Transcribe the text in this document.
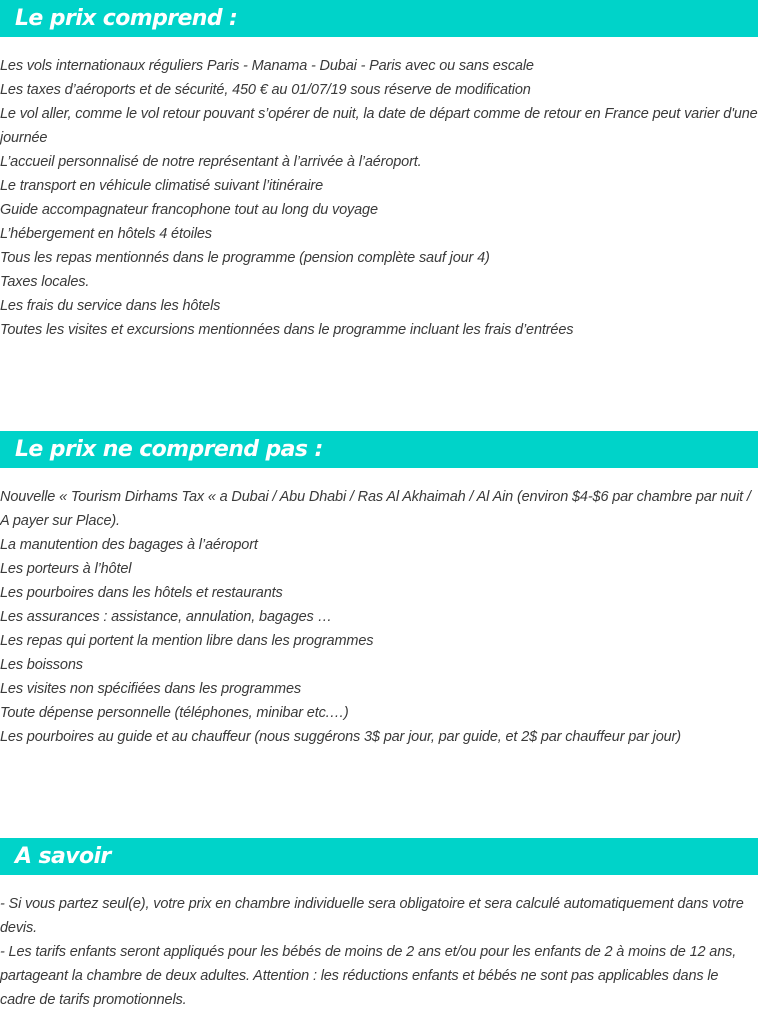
Le prix comprend :
Les vols internationaux réguliers Paris - Manama - Dubai - Paris avec ou sans escale
Les taxes d’aéroports et de sécurité, 450 € au 01/07/19 sous réserve de modification
Le vol aller, comme le vol retour pouvant s’opérer de nuit, la date de départ comme de retour en France peut varier d'une journée
L’accueil personnalisé de notre représentant à l’arrivée à l’aéroport.
Le transport en véhicule climatisé suivant l’itinéraire
Guide accompagnateur francophone tout au long du voyage
L’hébergement en hôtels 4 étoiles
Tous les repas mentionnés dans le programme (pension complète sauf jour 4)
Taxes locales.
Les frais du service dans les hôtels
Toutes les visites et excursions mentionnées dans le programme incluant les frais d’entrées
Le prix ne comprend pas :
Nouvelle « Tourism Dirhams Tax « a Dubai / Abu Dhabi / Ras Al Akhaimah / Al Ain (environ $4-$6 par chambre par nuit / A payer sur Place).
La manutention des bagages à l’aéroport
Les porteurs à l’hôtel
Les pourboires dans les hôtels et restaurants
Les assurances : assistance, annulation, bagages …
Les repas qui portent la mention libre dans les programmes
Les boissons
Les visites non spécifiées dans les programmes
Toute dépense personnelle (téléphones, minibar etc.…)
Les pourboires au guide et au chauffeur (nous suggérons 3$ par jour, par guide, et 2$ par chauffeur par jour)
A savoir

- Si vous partez seul(e), votre prix en chambre individuelle sera obligatoire et sera calculé automatiquement dans votre devis.

- Les tarifs enfants seront appliqués pour les bébés de moins de 2 ans et/ou pour les enfants de 2 à moins de 12 ans, partageant la chambre de deux adultes. Attention : les réductions enfants et bébés ne sont pas applicables dans le cadre de tarifs promotionnels.
